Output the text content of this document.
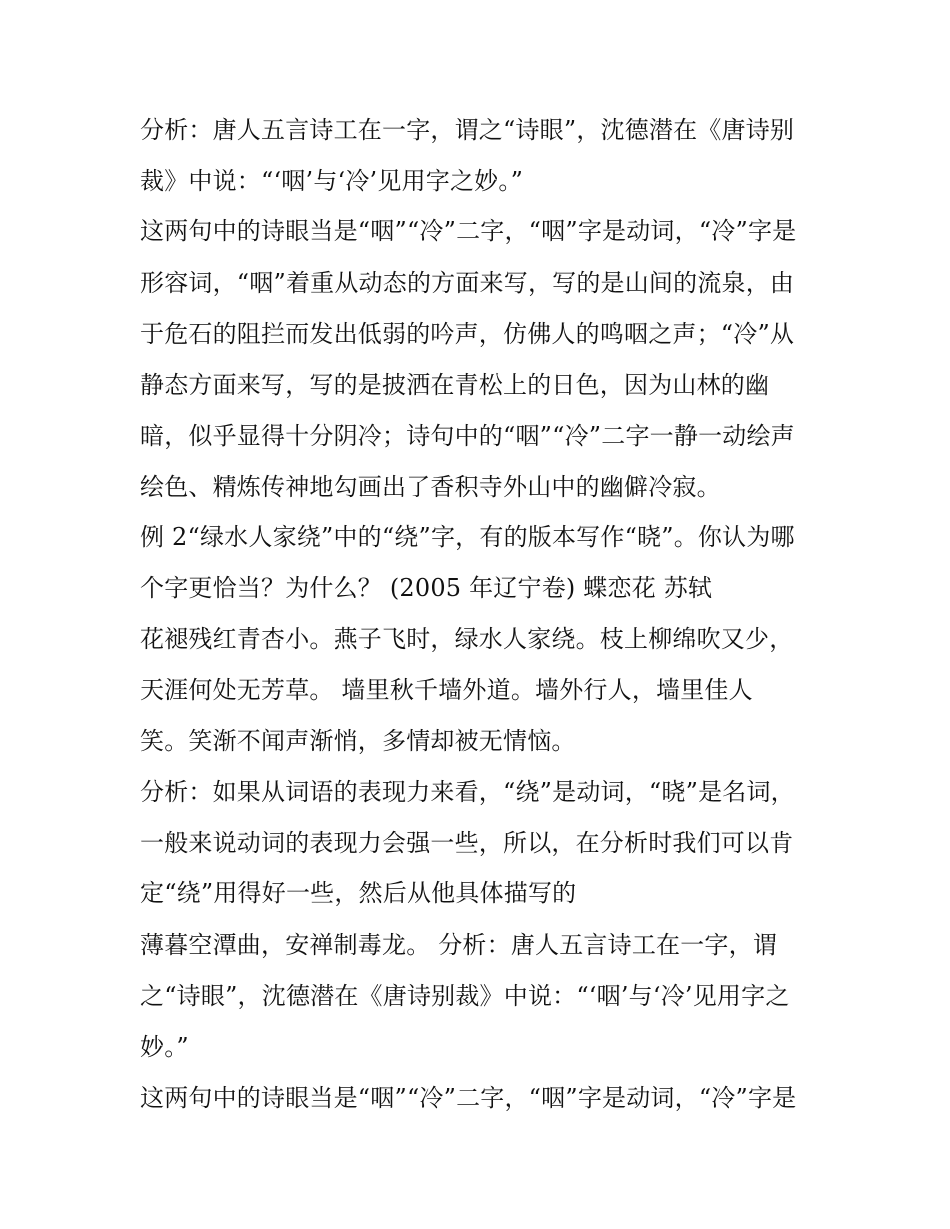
分析：唐人五言诗工在一字，谓之“诗眼”，沈德潜在《唐诗别
裁》中说：“‘咽’与‘冷’见用字之妙。”
这两句中的诗眼当是“咽”“冷”二字，“咽”字是动词，“冷”字是
形容词，“咽”着重从动态的方面来写，写的是山间的流泉，由
于危石的阻拦而发出低弱的吟声，仿佛人的鸣咽之声；“冷”从
静态方面来写，写的是披洒在青松上的日色，因为山林的幽
暗，似乎显得十分阴冷；诗句中的“咽”“冷”二字一静一动绘声
绘色、精炼传神地勾画出了香积寺外山中的幽僻冷寂。
例 2“绿水人家绕”中的“绕”字，有的版本写作“晓”。你认为哪
个字更恰当？为什么？ (2005 年辽宁卷) 蝶恋花 苏轼
花褪残红青杏小。燕子飞时，绿水人家绕。枝上柳绵吹又少，
天涯何处无芳草。 墙里秋千墙外道。墙外行人，墙里佳人
笑。笑渐不闻声渐悄，多情却被无情恼。
分析：如果从词语的表现力来看，“绕”是动词，“晓”是名词，
一般来说动词的表现力会强一些，所以，在分析时我们可以肯
定“绕”用得好一些，然后从他具体描写的
薄暮空潭曲，安禅制毒龙。 分析：唐人五言诗工在一字，谓
之“诗眼”，沈德潜在《唐诗别裁》中说：“‘咽’与‘冷’见用字之
妙。”
这两句中的诗眼当是“咽”“冷”二字，“咽”字是动词，“冷”字是
